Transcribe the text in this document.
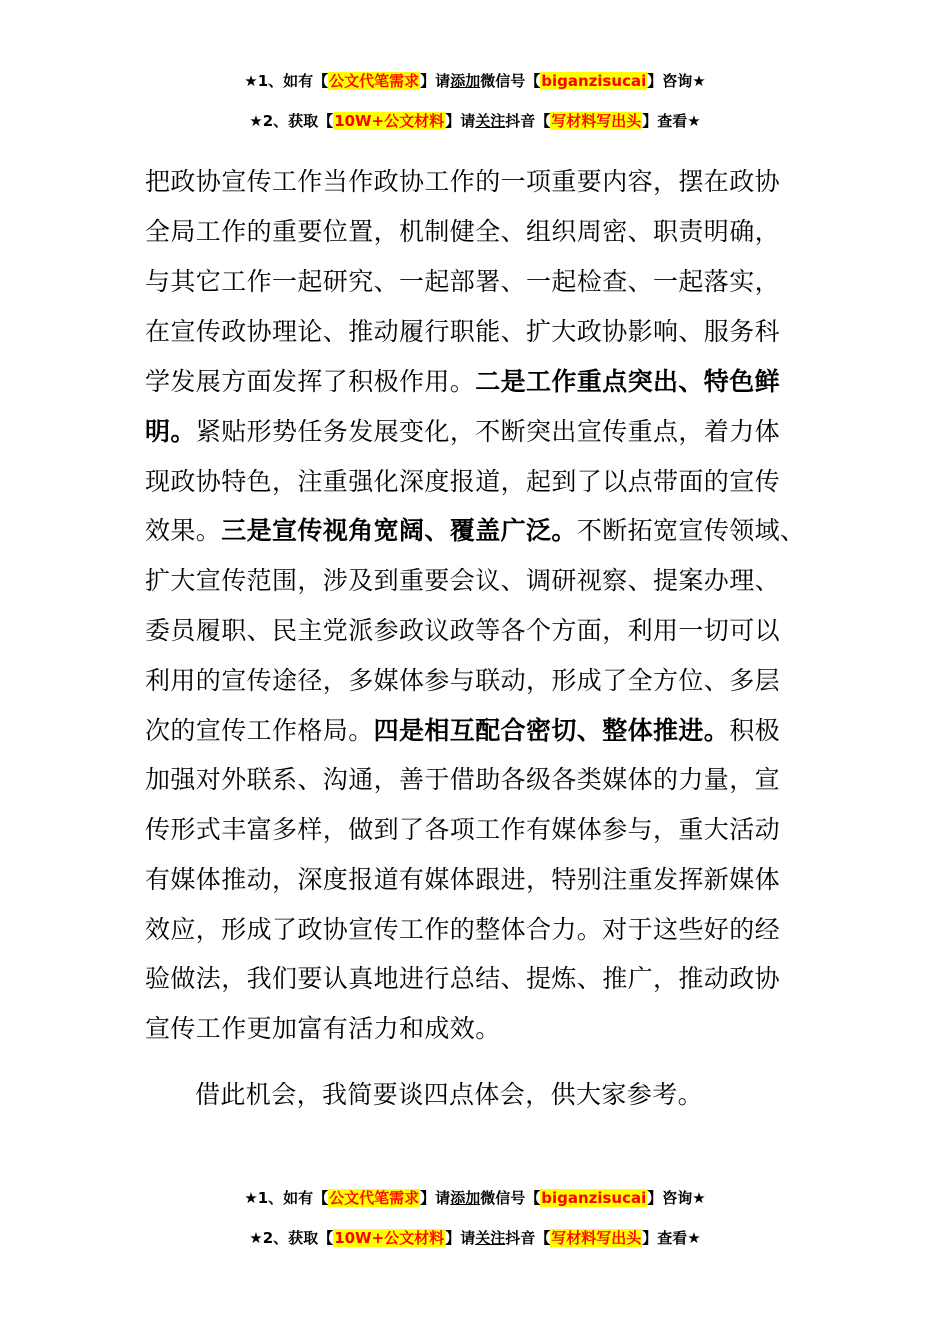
★1、如有【公文代笔需求】请添加微信号【biganzisucai】咨询★
★2、获取【10W+公文材料】请关注抖音【写材料写出头】查看★
把政协宣传工作当作政协工作的一项重要内容，摆在政协
全局工作的重要位置，机制健全、组织周密、职责明确，
与其它工作一起研究、一起部署、一起检查、一起落实，
在宣传政协理论、推动履行职能、扩大政协影响、服务科
学发展方面发挥了积极作用。二是工作重点突出、特色鲜
明。紧贴形势任务发展变化，不断突出宣传重点，着力体
现政协特色，注重强化深度报道，起到了以点带面的宣传
效果。三是宣传视角宽阔、覆盖广泛。不断拓宽宣传领域、
扩大宣传范围，涉及到重要会议、调研视察、提案办理、
委员履职、民主党派参政议政等各个方面，利用一切可以
利用的宣传途径，多媒体参与联动，形成了全方位、多层
次的宣传工作格局。四是相互配合密切、整体推进。积极
加强对外联系、沟通，善于借助各级各类媒体的力量，宣
传形式丰富多样，做到了各项工作有媒体参与，重大活动
有媒体推动，深度报道有媒体跟进，特别注重发挥新媒体
效应，形成了政协宣传工作的整体合力。对于这些好的经
验做法，我们要认真地进行总结、提炼、推广，推动政协
宣传工作更加富有活力和成效。
借此机会，我简要谈四点体会，供大家参考。
★1、如有【公文代笔需求】请添加微信号【biganzisucai】咨询★
★2、获取【10W+公文材料】请关注抖音【写材料写出头】查看★
